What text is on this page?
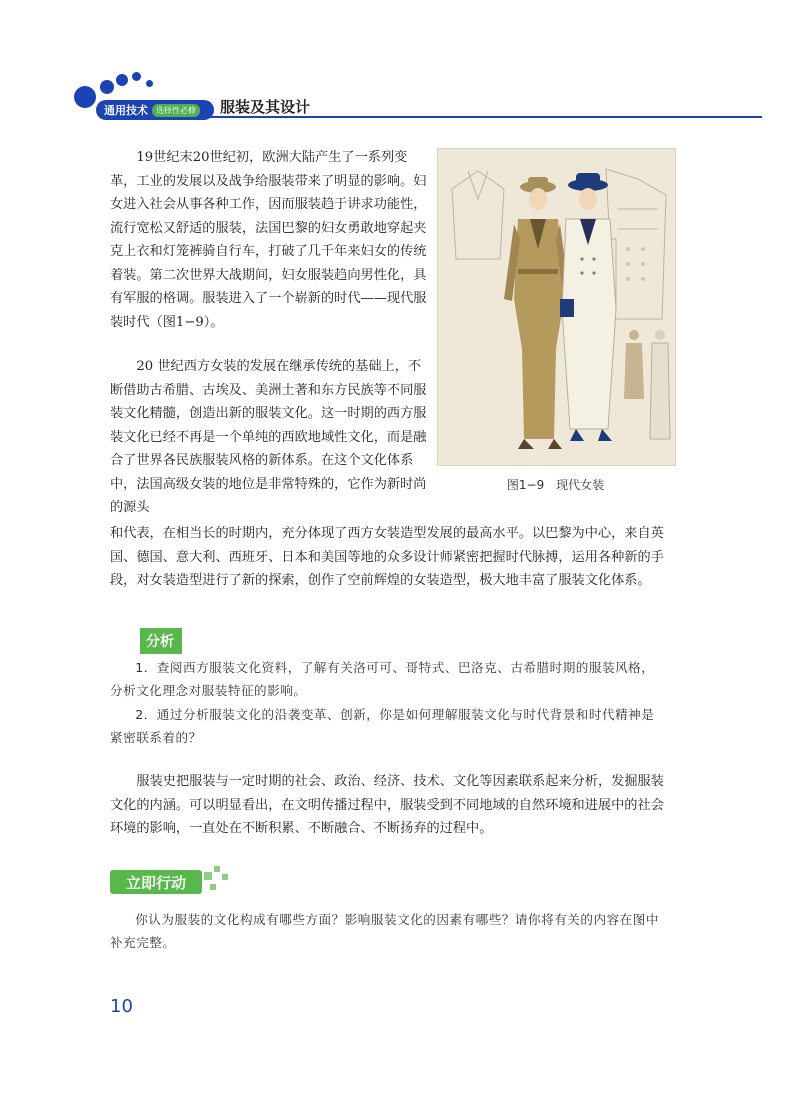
通用技术	选择性必修 服装及其设计

19世纪末20世纪初，欧洲大陆产生了一系列变革，工业的发展以及战争给服装带来了明显的影响。妇女进入社会从事各种工作，因而服装趋于讲求功能性，流行宽松又舒适的服装，法国巴黎的妇女勇敢地穿起夹克上衣和灯笼裤骑自行车，打破了几千年来妇女的传统着装。第二次世界大战期间，妇女服装趋向男性化，具有军服的格调。服装进入了一个崭新的时代——现代服装时代（图1−9）。

20 世纪西方女装的发展在继承传统的基础上，不断借助古希腊、古埃及、美洲土著和东方民族等不同服装文化精髓，创造出新的服装文化。这一时期的西方服装文化已经不再是一个单纯的西欧地域性文化，而是融合了世界各民族服装风格的新体系。在这个文化体系中，法国高级女装的地位是非常特殊的，它作为新时尚的源头

和代表，在相当长的时期内，充分体现了西方女装造型发展的最高水平。以巴黎为中心，来自英国、德国、意大利、西班牙、日本和美国等地的众多设计师紧密把握时代脉搏，运用各种新的手段，对女装造型进行了新的探索，创作了空前辉煌的女装造型，极大地丰富了服装文化体系。

图1−9 现代女装
分析

1．查阅西方服装文化资料，了解有关洛可可、哥特式、巴洛克、古希腊时期的服装风格，分析文化理念对服装特征的影响。

2．通过分析服装文化的沿袭变革、创新，你是如何理解服装文化与时代背景和时代精神是紧密联系着的？

服装史把服装与一定时期的社会、政治、经济、技术、文化等因素联系起来分析，发掘服装文化的内涵。可以明显看出，在文明传播过程中，服装受到不同地域的自然环境和进展中的社会环境的影响，一直处在不断积累、不断融合、不断扬弃的过程中。

立即行动

你认为服装的文化构成有哪些方面？影响服装文化的因素有哪些？请你将有关的内容在图中补充完整。

10
